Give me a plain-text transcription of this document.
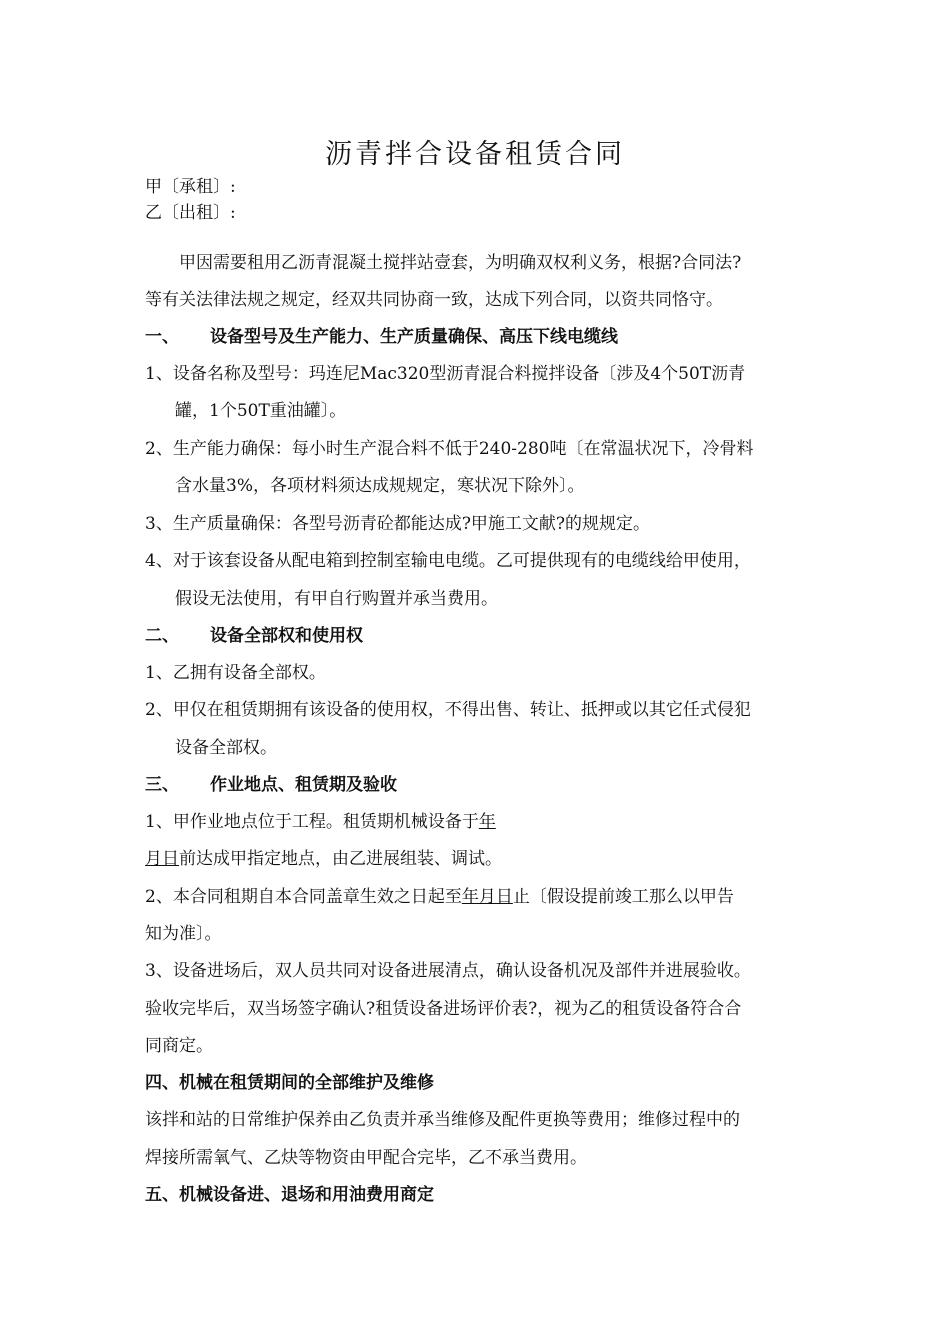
沥青拌合设备租赁合同
甲〔承租〕:
乙〔出租〕:
甲因需要租用乙沥青混凝土搅拌站壹套，为明确双权利义务，根据?合同法?
等有关法律法规之规定，经双共同协商一致，达成下列合同，以资共同恪守。
一、 设备型号及生产能力、生产质量确保、高压下线电缆线
1、设备名称及型号：玛连尼Mac320型沥青混合料搅拌设备〔涉及4个50T沥青
罐，1个50T重油罐〕。
2、生产能力确保：每小时生产混合料不低于240-280吨〔在常温状况下，冷骨料
含水量3%，各项材料须达成规规定，寒状况下除外〕。
3、生产质量确保：各型号沥青砼都能达成?甲施工文献?的规规定。
4、对于该套设备从配电箱到控制室输电电缆。乙可提供现有的电缆线给甲使用，
假设无法使用，有甲自行购置并承当费用。
二、 设备全部权和使用权
1、乙拥有设备全部权。
2、甲仅在租赁期拥有该设备的使用权，不得出售、转让、抵押或以其它任式侵犯
设备全部权。
三、 作业地点、租赁期及验收
1、甲作业地点位于工程。租赁期机械设备于年
月日前达成甲指定地点，由乙进展组装、调试。
2、本合同租期自本合同盖章生效之日起至年月日止〔假设提前竣工那么以甲告
知为准〕。
3、设备进场后，双人员共同对设备进展清点，确认设备机况及部件并进展验收。
验收完毕后，双当场签字确认?租赁设备进场评价表?，视为乙的租赁设备符合合
同商定。
四、机械在租赁期间的全部维护及维修
该拌和站的日常维护保养由乙负责并承当维修及配件更换等费用；维修过程中的
焊接所需氧气、乙炔等物资由甲配合完毕，乙不承当费用。
五、机械设备进、退场和用油费用商定
